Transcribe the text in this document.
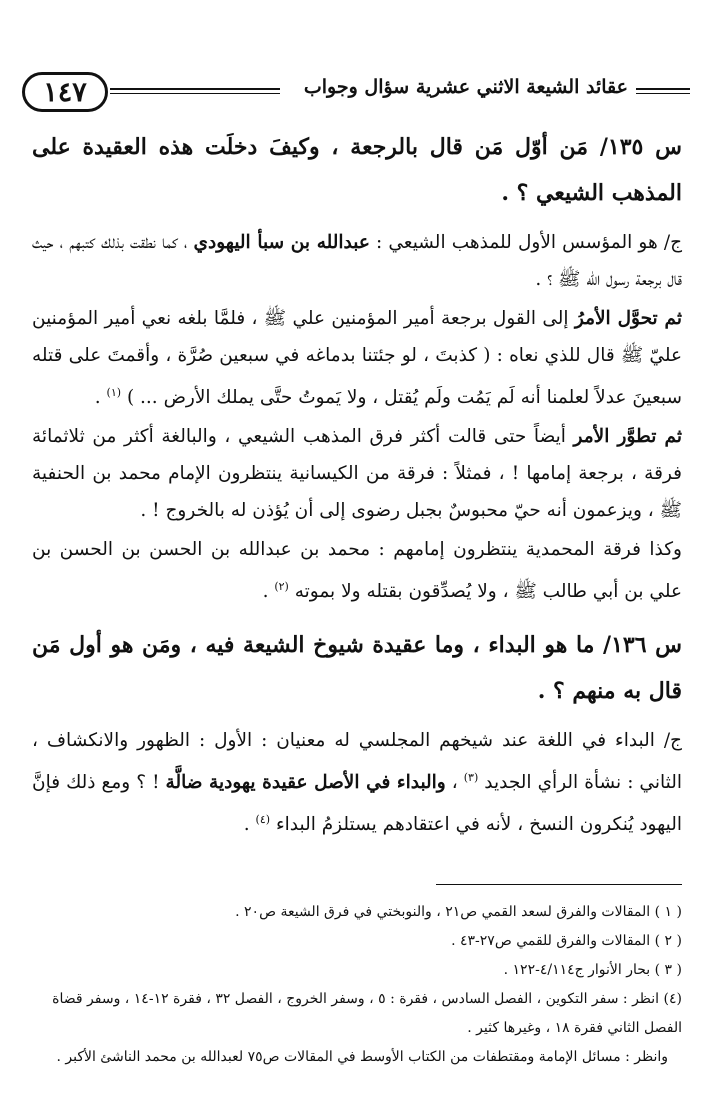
١٤٧	عقائد الشيعة الاثني عشرية سؤال وجواب

س ١٣٥/ مَن أوّل مَن قال بالرجعة ، وكيفَ دخلَت هذه العقيدة على المذهب الشيعي ؟ .

ج/ هو المؤسس الأول للمذهب الشيعي : عبدالله بن سبأ اليهودي ، كما نطقت بذلك كتبهم ، حيث قال برجعة رسول الله ﷺ ؟ .

ثم تحوَّل الأمرُ إلى القول برجعة أمير المؤمنين علي ﷺ ، فلمَّا بلغه نعي أمير المؤمنين عليّ ﷺ قال للذي نعاه : ( كذبتَ ، لو جئتنا بدماغه في سبعين صُرَّة ، وأقمتَ على قتله سبعينَ عدلاً لعلمنا أنه لَم يَمُت ولَم يُقتل ، ولا يَموتُ حتَّى يملك الأرض ... ) $^{(١)}$ .

ثم تطوَّر الأمر أيضاً حتى قالت أكثر فرق المذهب الشيعي ، والبالغة أكثر من ثلاثمائة فرقة ، برجعة إمامها ! ، فمثلاً : فرقة من الكيسانية ينتظرون الإمام محمد بن الحنفية ﷺ ، ويزعمون أنه حيّ محبوسٌ بجبل رضوى إلى أن يُؤذن له بالخروج ! .

وكذا فرقة المحمدية ينتظرون إمامهم : محمد بن عبدالله بن الحسن بن الحسن بن علي بن أبي طالب ﷺ ، ولا يُصدِّقون بقتله ولا بموته $^{(٢)}$ .

س ١٣٦/ ما هو البداء ، وما عقيدة شيوخ الشيعة فيه ، ومَن هو أول مَن قال به منهم ؟ .

ج/ البداء في اللغة عند شيخهم المجلسي له معنيان : الأول : الظهور والانكشاف ، الثاني : نشأة الرأي الجديد $^{(٣)}$ ، والبداء في الأصل عقيدة يهودية ضالَّة ! ؟ ومع ذلك فإنَّ اليهود يُنكرون النسخ ، لأنه في اعتقادهم يستلزمُ البداء $^{(٤)}$ .

( ١ ) المقالات والفرق لسعد القمي ص٢١ ، والنوبختي في فرق الشيعة ص٢٠ .

( ٢ ) المقالات والفرق للقمي ص٢٧-٤٣ .

( ٣ ) بحار الأنوار ج٤/١١٤-١٢٢ .

(٤) انظر : سفر التكوين ، الفصل السادس ، فقرة : ٥ ، وسفر الخروج ، الفصل ٣٢ ، فقرة ١٢-١٤ ، وسفر قضاة الفصل الثاني فقرة ١٨ ، وغيرها كثير .

وانظر : مسائل الإمامة ومقتطفات من الكتاب الأوسط في المقالات ص٧٥ لعبدالله بن محمد الناشئ الأكبر .
